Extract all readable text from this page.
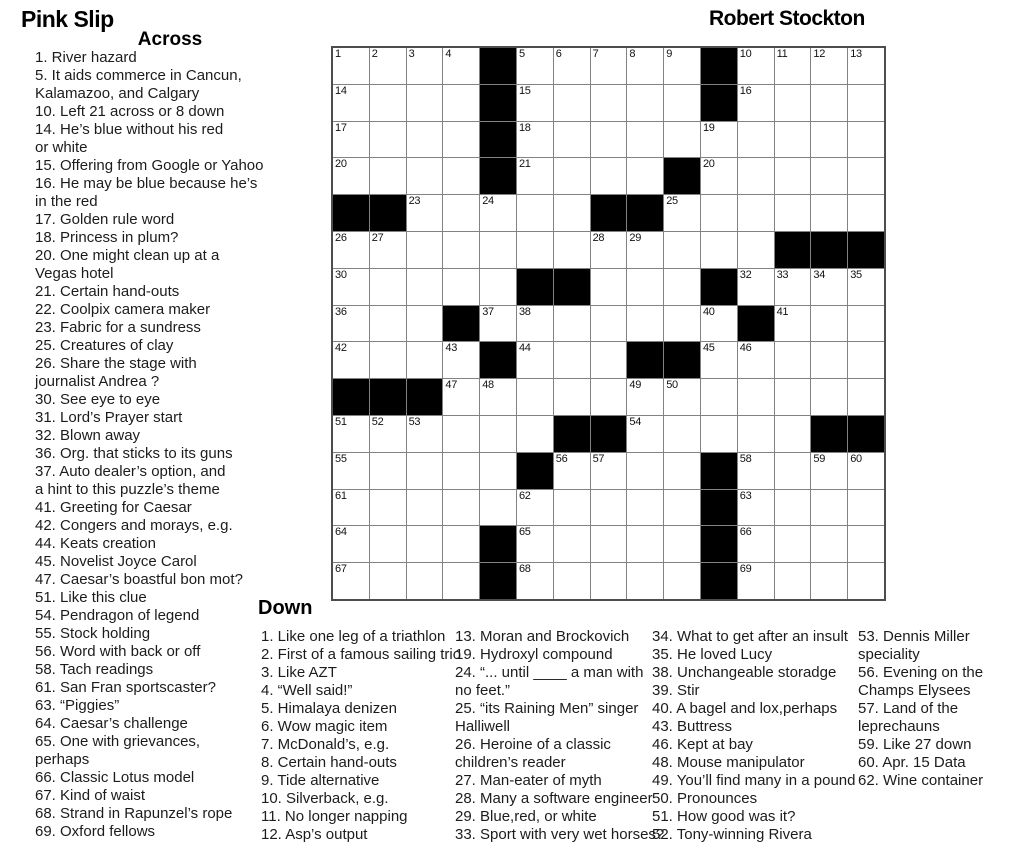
Pink Slip	Robert Stockton
Across
1. River hazard
5. It aids commerce in Cancun,
Kalamazoo, and Calgary
10. Left 21 across or 8 down
14. He’s blue without his red
or white
15. Offering from Google or Yahoo
16. He may be blue because he’s
in the red
17. Golden rule word
18. Princess in plum?
20. One might clean up at a
Vegas hotel
21. Certain hand-outs
22. Coolpix camera maker
23. Fabric for a sundress
25. Creatures of clay
26. Share the stage with
journalist Andrea ?
30. See eye to eye
31. Lord’s Prayer start
32. Blown away
36. Org. that sticks to its guns
37. Auto dealer’s option, and
a hint to this puzzle’s theme
41. Greeting for Caesar
42. Congers and morays, e.g.
44. Keats creation
45. Novelist Joyce Carol
47. Caesar’s boastful bon mot?
51. Like this clue
54. Pendragon of legend
55. Stock holding
56. Word with back or off
58. Tach readings
61. San Fran sportscaster?
63. “Piggies”
64. Caesar’s challenge
65. One with grievances,
perhaps
66. Classic Lotus model
67. Kind of waist
68. Strand in Rapunzel’s rope
69. Oxford fellows
1	2	3	4	5	6	7	8	9	10 11 12 13
14	15	16
17	18	19
20	21	20
23	24	25
26 27	28 29
30	32 33 34 35
36	37 38	40	41
42	43	44	45 46
47 48	49 50
51 52 53	54
55	56 57	58	59 60
61	62	63
64	65	66
67	68	69
Down
1. Like one leg of a triathlon
2. First of a famous sailing trio
3. Like AZT
4. “Well said!”
5. Himalaya denizen
6. Wow magic item
7. McDonald’s, e.g.
8. Certain hand-outs
9. Tide alternative
10. Silverback, e.g.
11. No longer napping
12. Asp’s output
13. Moran and Brockovich
19. Hydroxyl compound
24. “... until ____ a man with
no feet.”
25. “its Raining Men” singer
Halliwell
26. Heroine of a classic
children’s reader
27. Man-eater of myth
28. Many a software engineer
29. Blue,red, or white
33. Sport with very wet horses?
34. What to get after an insult
35. He loved Lucy
38. Unchangeable storadge
39. Stir
40. A bagel and lox,perhaps
43. Buttress
46. Kept at bay
48. Mouse manipulator
49. You’ll find many in a pound
50. Pronounces
51. How good was it?
52. Tony-winning Rivera
53. Dennis Miller
speciality
56. Evening on the
Champs Elysees
57. Land of the
leprechauns
59. Like 27 down
60. Apr. 15 Data
62. Wine container
